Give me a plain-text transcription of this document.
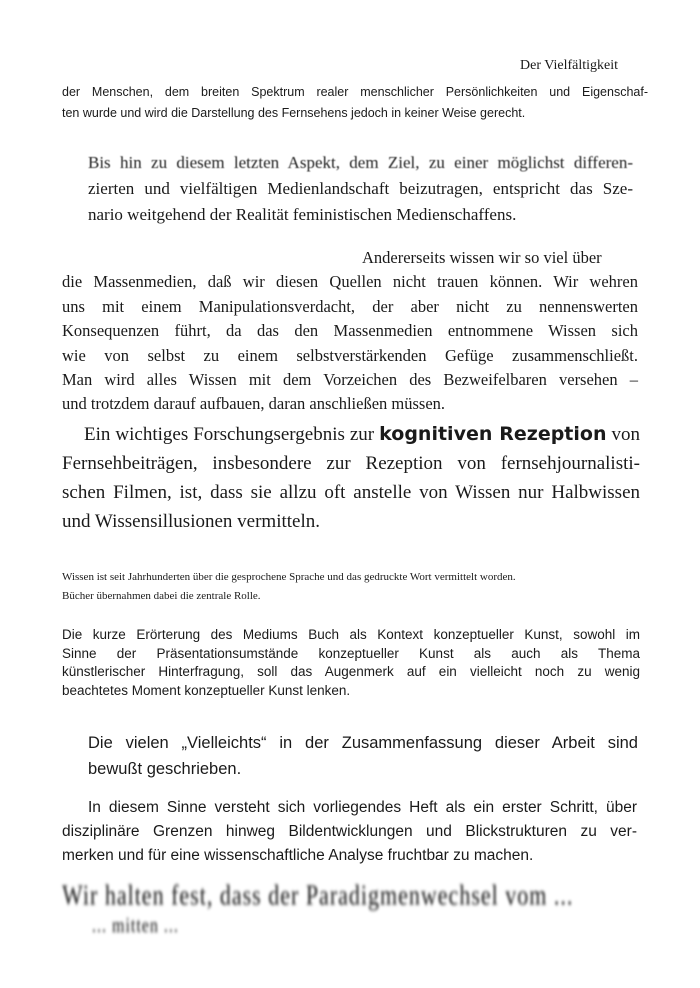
Der Vielfältigkeit
der Menschen, dem breiten Spektrum realer menschlicher Persönlichkeiten und Eigenschaf-
ten wurde und wird die Darstellung des Fernsehens jedoch in keiner Weise gerecht.
Bis hin zu diesem letzten Aspekt, dem Ziel, zu einer möglichst differen-
zierten und vielfältigen Medienlandschaft beizutragen, entspricht das Sze-
nario weitgehend der Realität feministischen Medienschaffens.
Andererseits wissen wir so viel über
die Massenmedien, daß wir diesen Quellen nicht trauen können. Wir wehren
uns mit einem Manipulationsverdacht, der aber nicht zu nennenswerten
Konsequenzen führt, da das den Massenmedien entnommene Wissen sich
wie von selbst zu einem selbstverstärkenden Gefüge zusammenschließt.
Man wird alles Wissen mit dem Vorzeichen des Bezweifelbaren versehen –
und trotzdem darauf aufbauen, daran anschließen müssen.
Ein wichtiges Forschungsergebnis zur kognitiven Rezeption von
Fernsehbeiträgen, insbesondere zur Rezeption von fernsehjournalisti-
schen Filmen, ist, dass sie allzu oft anstelle von Wissen nur Halbwissen
und Wissensillusionen vermitteln.
Wissen ist seit Jahrhunderten über die gesprochene Sprache und das gedruckte Wort vermittelt worden.
Bücher übernahmen dabei die zentrale Rolle.
Die kurze Erörterung des Mediums Buch als Kontext konzeptueller Kunst, sowohl im
Sinne der Präsentationsumstände konzeptueller Kunst als auch als Thema
künstlerischer Hinterfragung, soll das Augenmerk auf ein vielleicht noch zu wenig
beachtetes Moment konzeptueller Kunst lenken.
Die vielen „Vielleichts“ in der Zusammenfassung dieser Arbeit sind
bewußt geschrieben.
In diesem Sinne versteht sich vorliegendes Heft als ein erster Schritt, über
disziplinäre Grenzen hinweg Bildentwicklungen und Blickstrukturen zu ver-
merken und für eine wissenschaftliche Analyse fruchtbar zu machen.
Wir halten fest, dass der Paradigmenwechsel vom ...
... mitten ...
